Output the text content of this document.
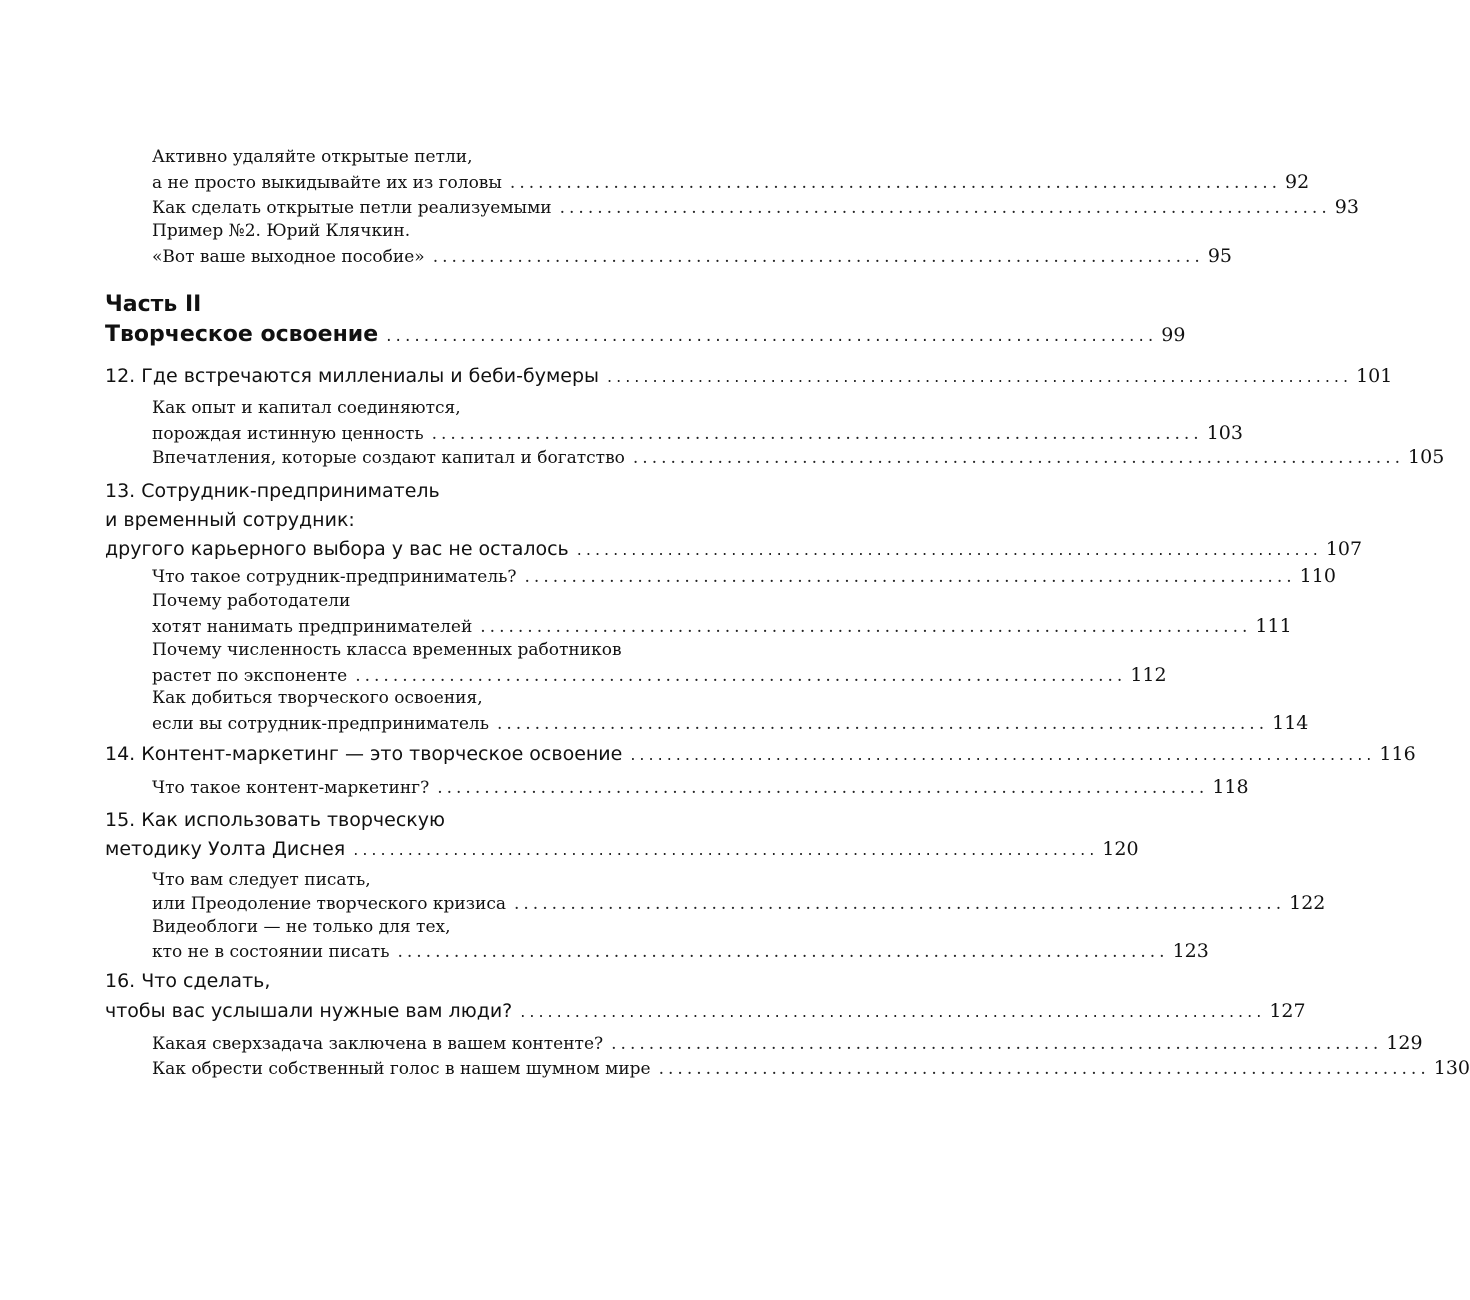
Активно удаляйте открытые петли,
а не просто выкидывайте их из головы .................................................................................. 92
Как сделать открытые петли реализуемыми .................................................................................. 93
Пример №2. Юрий Клячкин.
«Вот ваше выходное пособие» .................................................................................. 95
Часть II
Творческое освоение .................................................................................. 99
12. Где встречаются миллениалы и беби-бумеры .................................................................................. 101
Как опыт и капитал соединяются,
порождая истинную ценность .................................................................................. 103
Впечатления, которые создают капитал и богатство .................................................................................. 105
13. Сотрудник-предприниматель
и временный сотрудник:
другого карьерного выбора у вас не осталось .................................................................................. 107
Что такое сотрудник-предприниматель? .................................................................................. 110
Почему работодатели
хотят нанимать предпринимателей .................................................................................. 111
Почему численность класса временных работников
растет по экспоненте .................................................................................. 112
Как добиться творческого освоения,
если вы сотрудник-предприниматель .................................................................................. 114
14. Контент-маркетинг — это творческое освоение .................................................................................. 116
Что такое контент-маркетинг? .................................................................................. 118
15. Как использовать творческую
методику Уолта Диснея .................................................................................. 120
Что вам следует писать,
или Преодоление творческого кризиса .................................................................................. 122
Видеоблоги — не только для тех,
кто не в состоянии писать .................................................................................. 123
16. Что сделать,
чтобы вас услышали нужные вам люди? .................................................................................. 127
Какая сверхзадача заключена в вашем контенте? .................................................................................. 129
Как обрести собственный голос в нашем шумном мире .................................................................................. 130
